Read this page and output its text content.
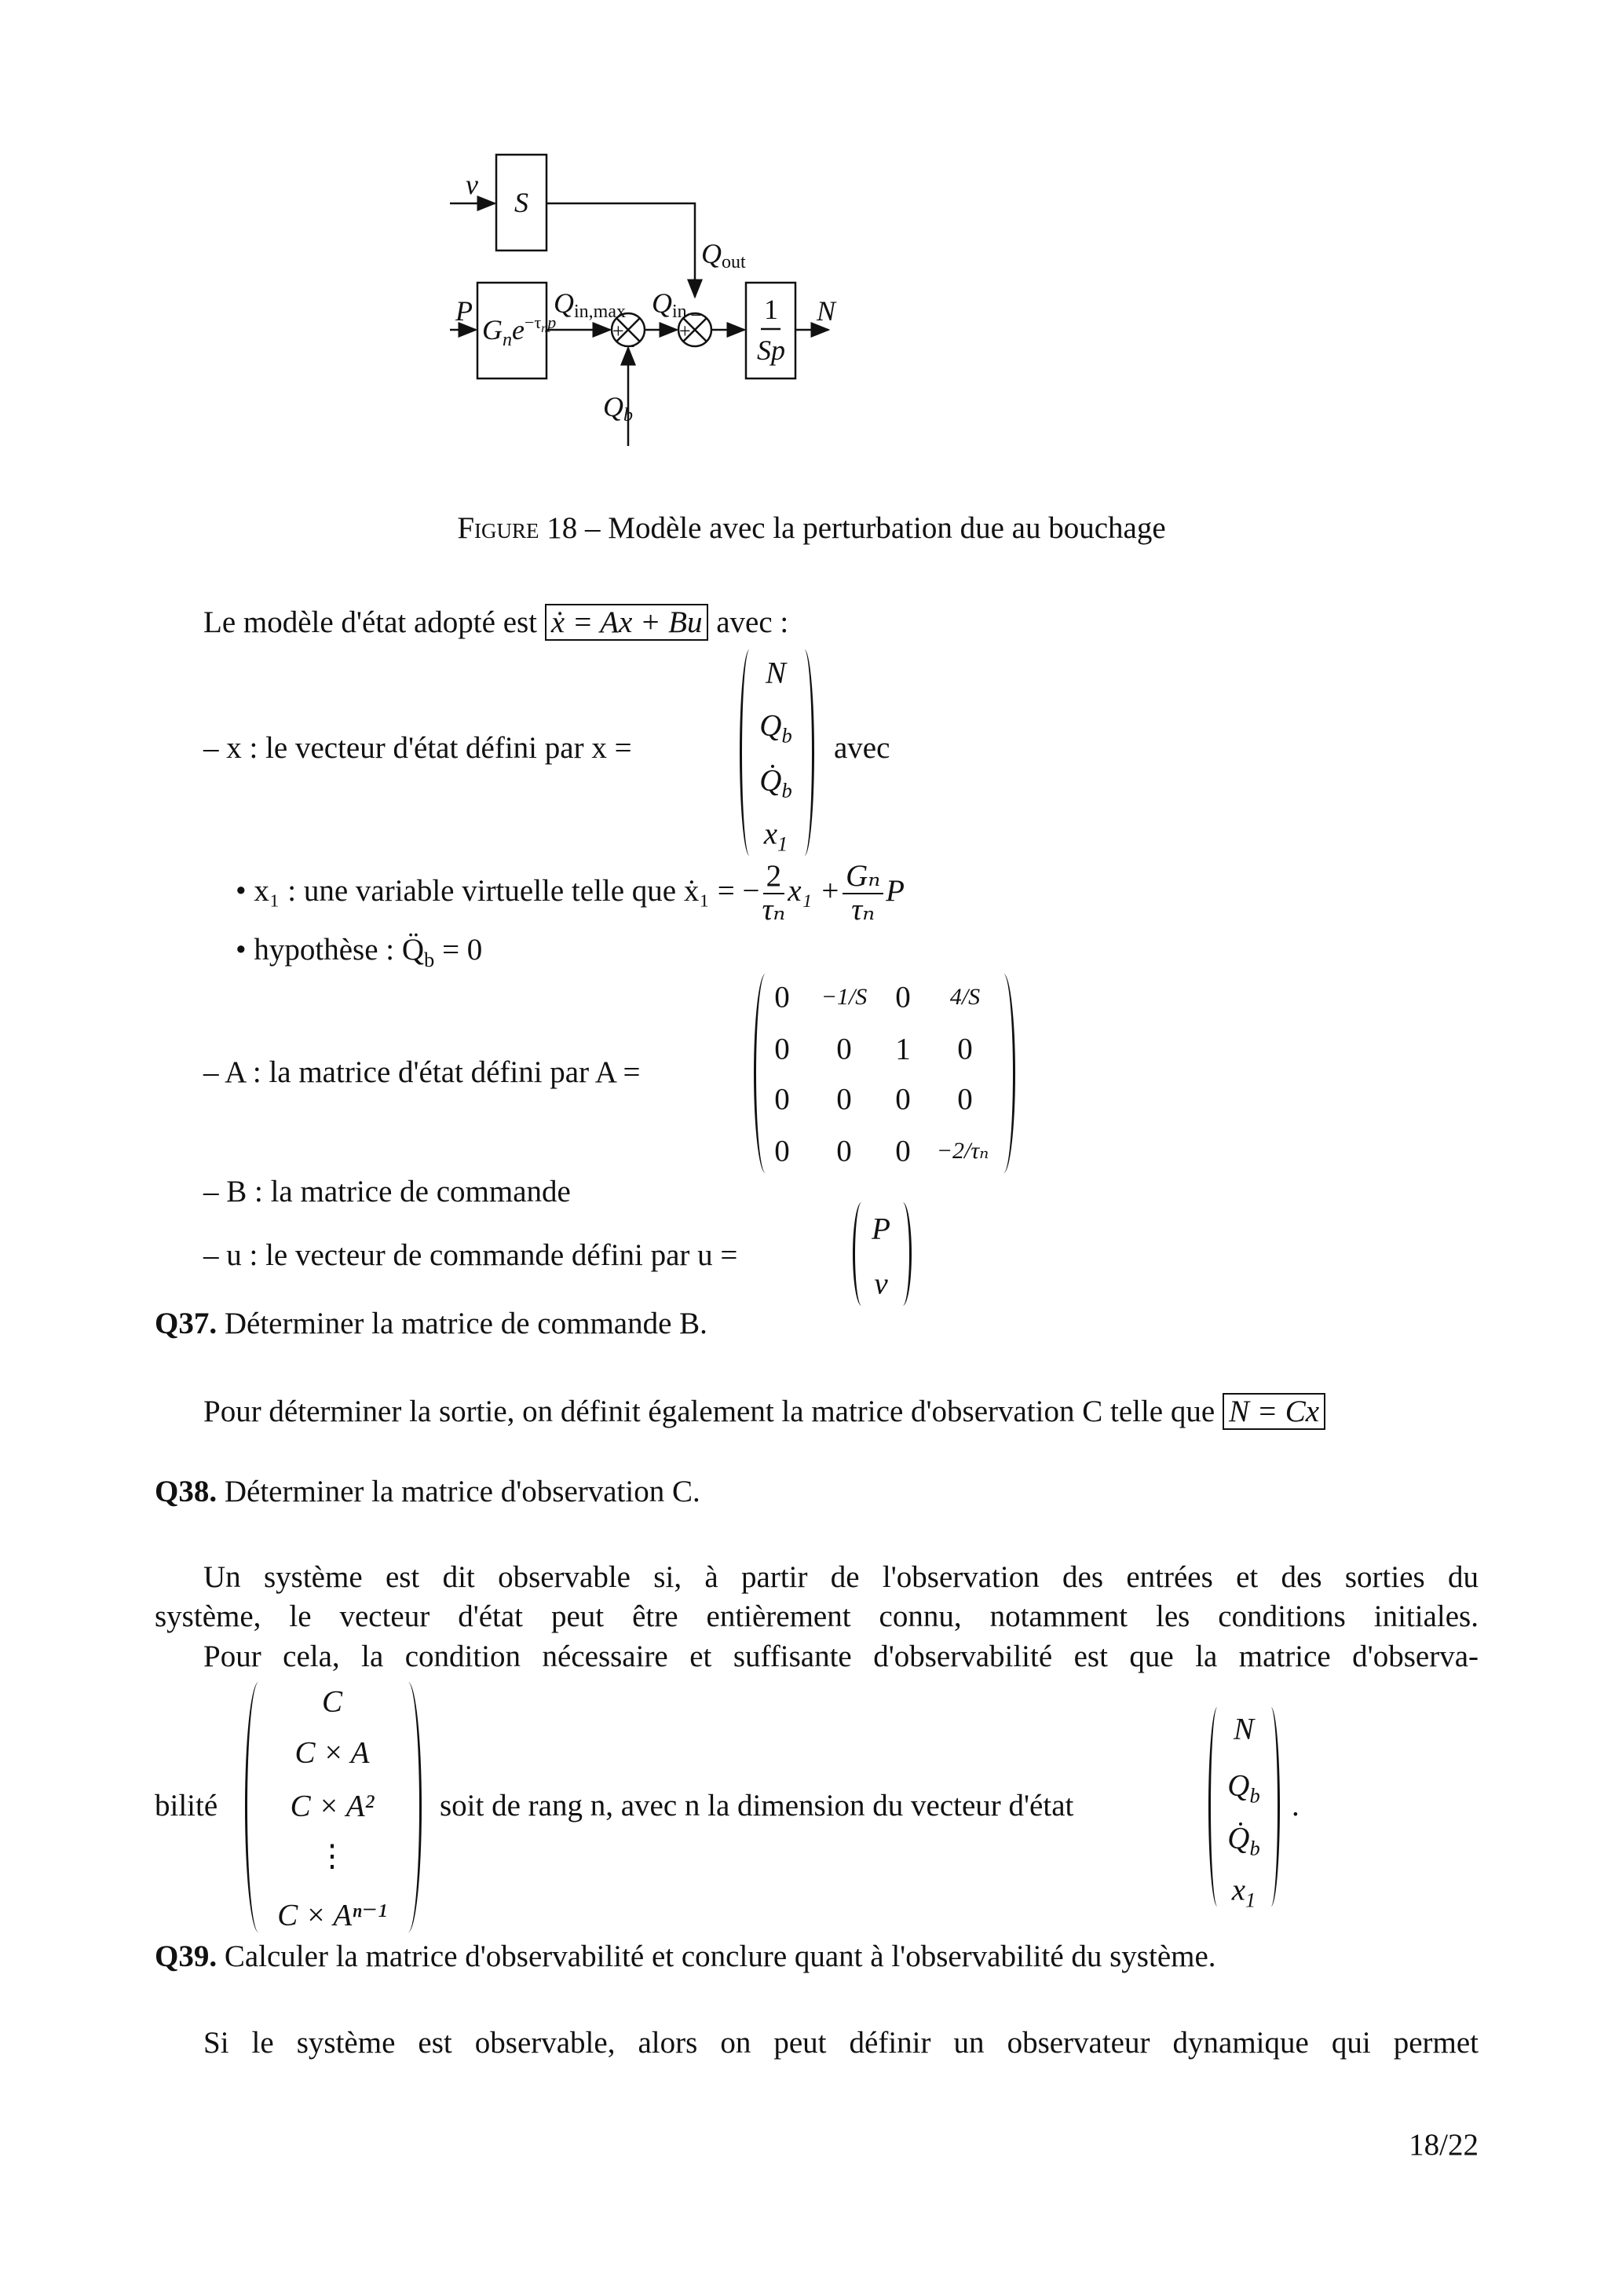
v
S
P
$G_ne^{-\tau}np$
Qin,max Qin
Qout
Qb
+
−
+
− 1
Sp
N
Figure 18 – Modèle avec la perturbation due au bouchage
Le modèle d'état adopté est ẋ = Ax + Bu avec :
– x : le vecteur d'état défini par x =
N
$Q_b$
$Q̇_b$
$x_1$
avec
• x₁ : une variable virtuelle telle que ẋ₁ = − $\frac{2}{\text{τₙ}} x_1 + \frac{\text{Gₙ}}{\text{τₙ}}$ P
• hypothèse : $Q̈_b = 0$
– A : la matrice d'état défini par A =
0 −1/S 0 4/S
0 0 1 0
0 0 0 0
0 0 0 −2/τₙ
– B : la matrice de commande
– u : le vecteur de commande défini par u =
P
v
Q37. Déterminer la matrice de commande B.
Pour déterminer la sortie, on définit également la matrice d'observation C telle que N = Cx
Q38. Déterminer la matrice d'observation C.
Un système est dit observable si, à partir de l'observation des entrées et des sorties du
système, le vecteur d'état peut être entièrement connu, notamment les conditions initiales.
Pour cela, la condition nécessaire et suffisante d'observabilité est que la matrice d'observa-
bilité
C
C × A
C × A²
⋮
C × Aⁿ⁻¹
soit de rang n, avec n la dimension du vecteur d'état
N
$Q_b$
$Q̇_b$
$x_1$
.
Q39. Calculer la matrice d'observabilité et conclure quant à l'observabilité du système.
Si le système est observable, alors on peut définir un observateur dynamique qui permet
18/22
